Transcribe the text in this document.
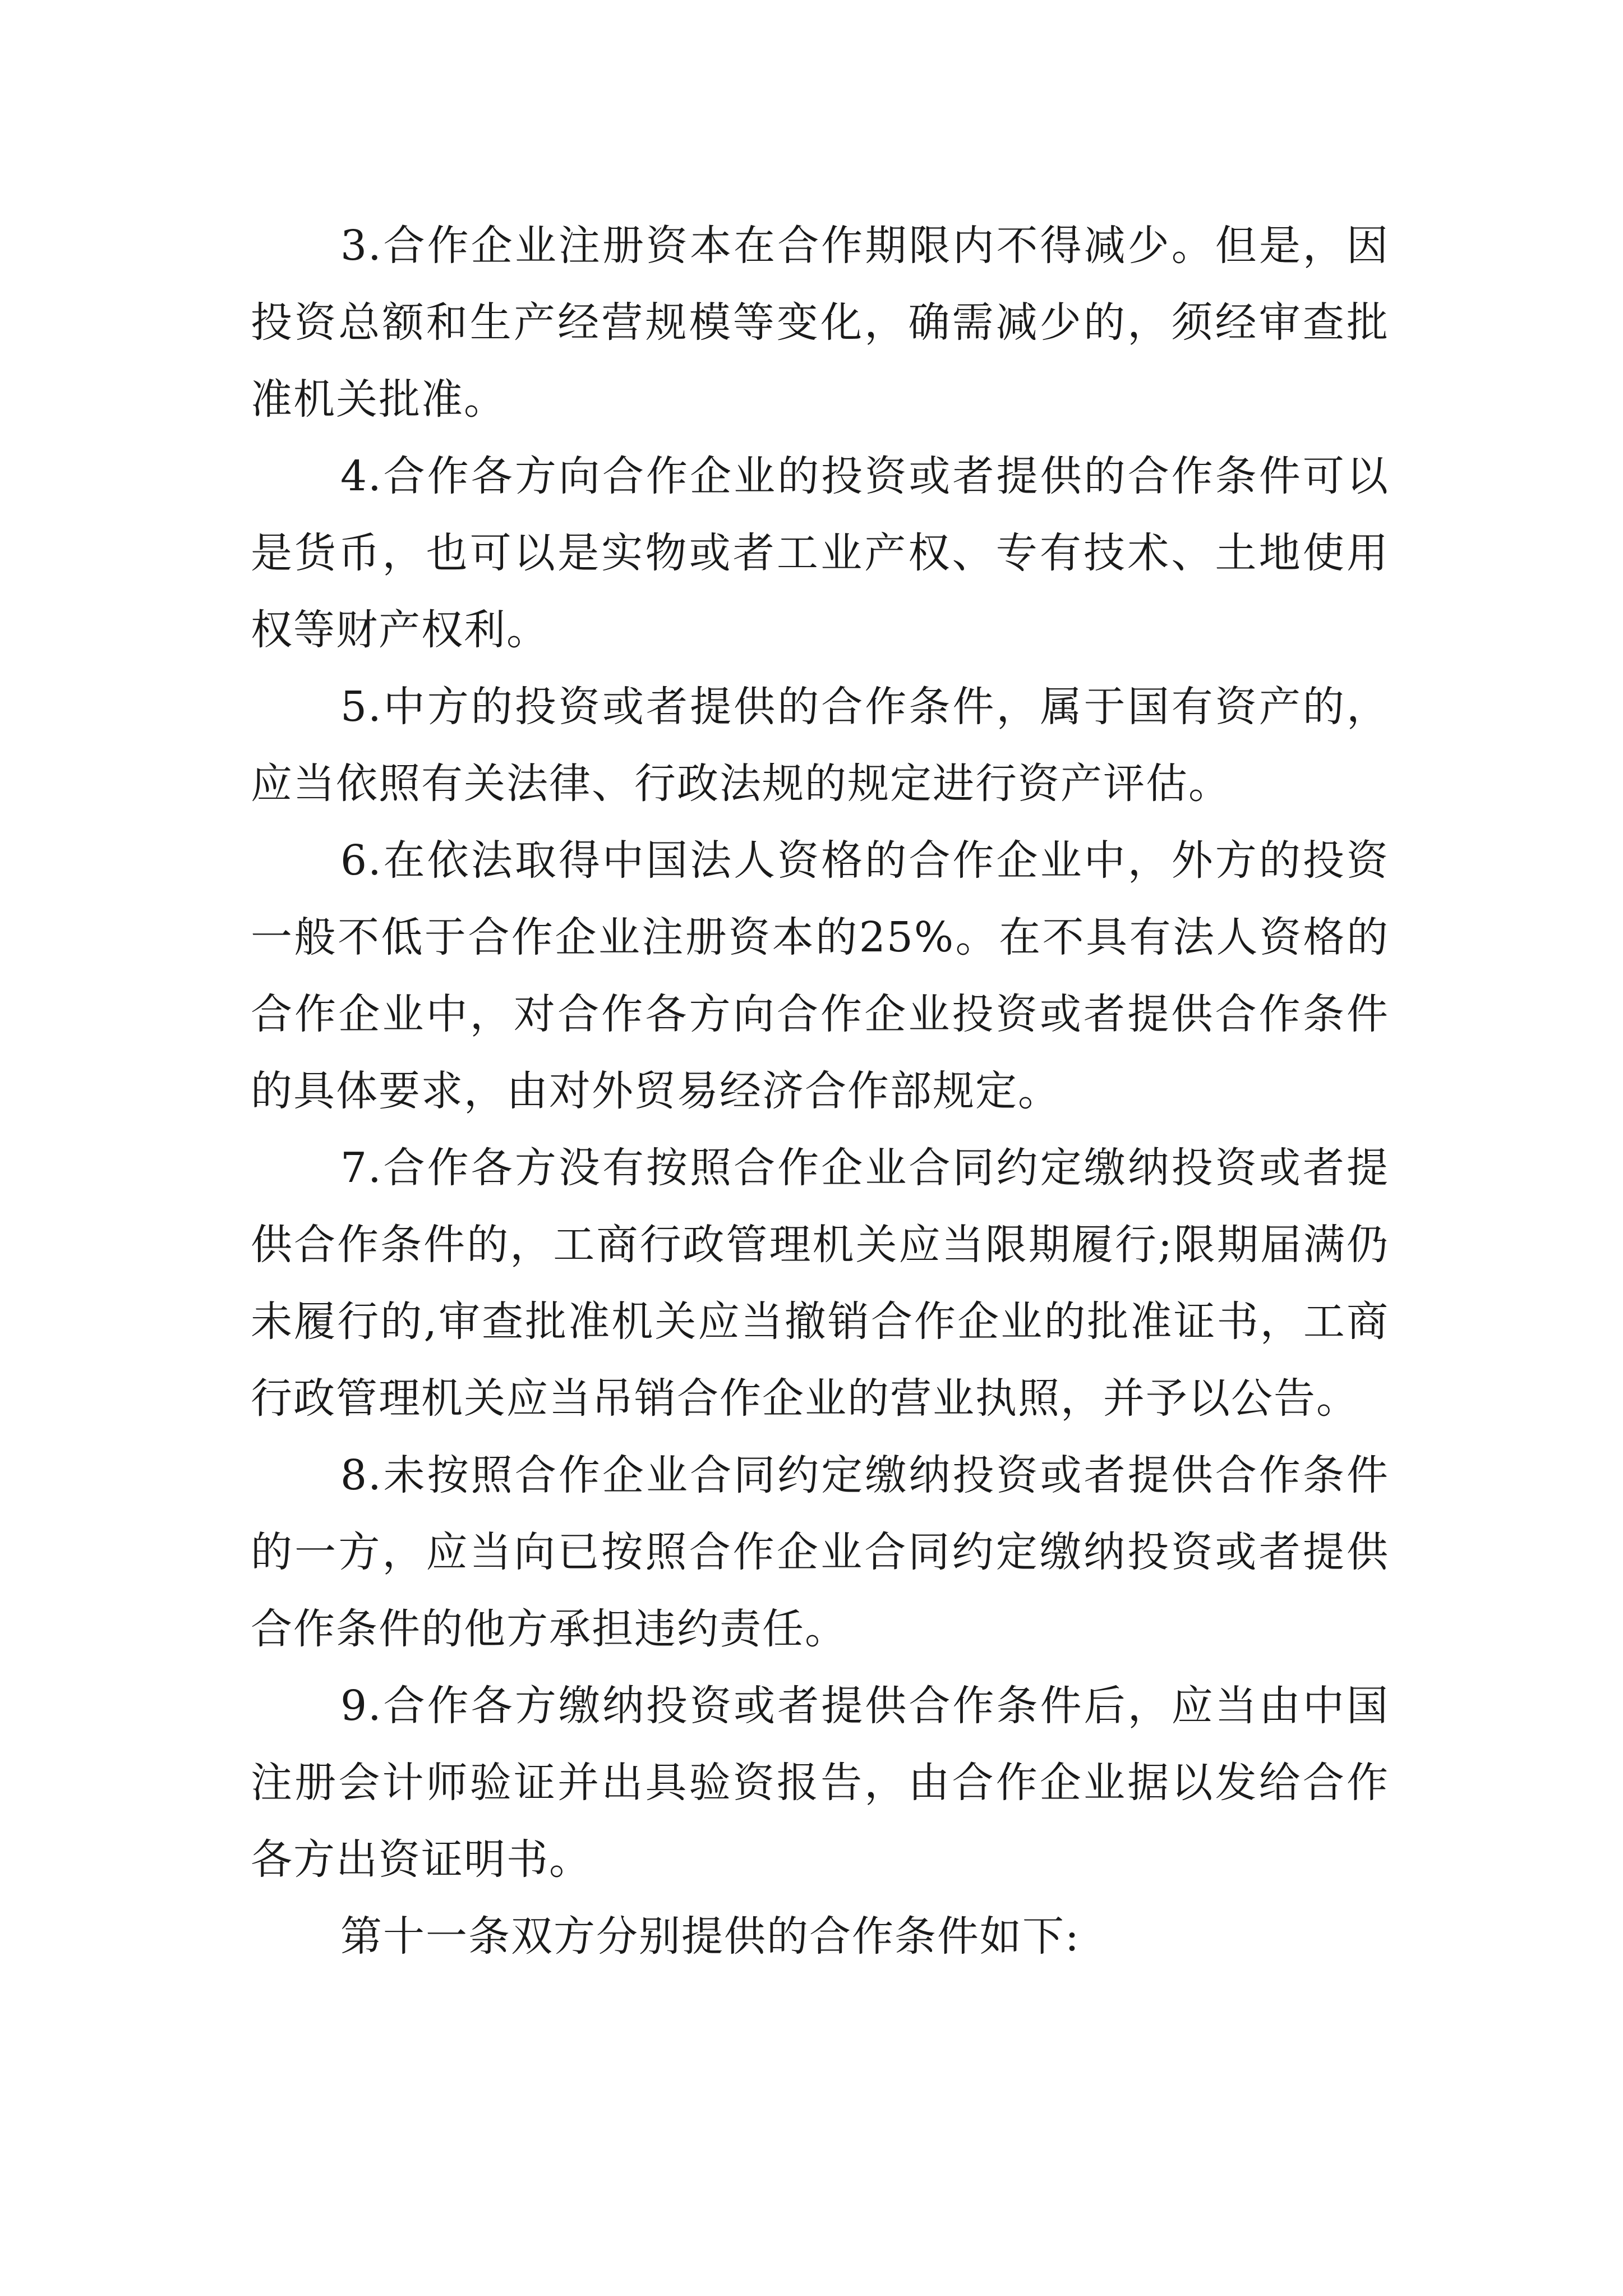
3.合作企业注册资本在合作期限内不得减少。但是，因投资总额和生产经营规模等变化，确需减少的，须经审查批准机关批准。

4.合作各方向合作企业的投资或者提供的合作条件可以是货币，也可以是实物或者工业产权、专有技术、土地使用权等财产权利。

5.中方的投资或者提供的合作条件，属于国有资产的，应当依照有关法律、行政法规的规定进行资产评估。

6.在依法取得中国法人资格的合作企业中，外方的投资一般不低于合作企业注册资本的25%。在不具有法人资格的合作企业中，对合作各方向合作企业投资或者提供合作条件的具体要求，由对外贸易经济合作部规定。

7.合作各方没有按照合作企业合同约定缴纳投资或者提供合作条件的，工商行政管理机关应当限期履行;限期届满仍未履行的,审查批准机关应当撤销合作企业的批准证书，工商行政管理机关应当吊销合作企业的营业执照，并予以公告。

8.未按照合作企业合同约定缴纳投资或者提供合作条件的一方，应当向已按照合作企业合同约定缴纳投资或者提供合作条件的他方承担违约责任。

9.合作各方缴纳投资或者提供合作条件后，应当由中国注册会计师验证并出具验资报告，由合作企业据以发给合作各方出资证明书。

第十一条双方分别提供的合作条件如下:
